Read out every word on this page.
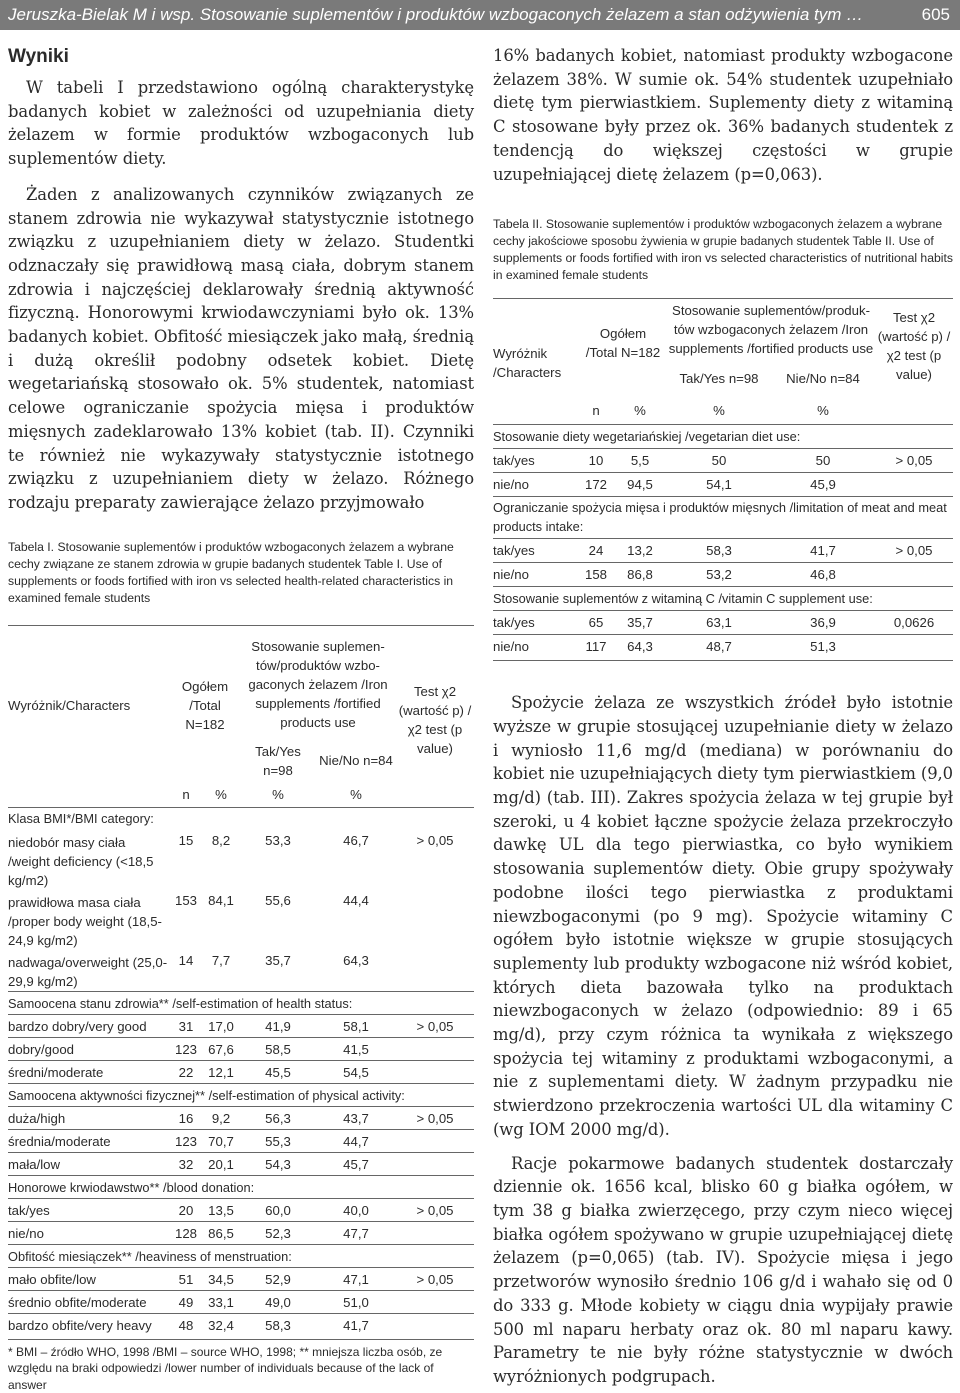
Jeruszka-Bielak M i wsp. Stosowanie suplementów i produktów wzbogaconych żelazem a stan odżywienia tym …	605
Wyniki

W tabeli I przedstawiono ogólną charakterystykę badanych kobiet w zależności od uzupełniania diety żelazem w formie produktów wzbogaconych lub suplementów diety.

Żaden z analizowanych czynników związanych ze stanem zdrowia nie wykazywał statystycznie istotnego związku z uzupełnianiem diety w żelazo. Studentki odznaczały się prawidłową masą ciała, dobrym stanem zdrowia i najczęściej deklarowały średnią aktywność fizyczną. Honorowymi krwiodawczyniami było ok. 13% badanych kobiet. Obfitość miesiączek jako małą, średnią i dużą określił podobny odsetek kobiet. Dietę wegetariańską stosowało ok. 5% studentek, natomiast celowe ograniczanie spożycia mięsa i produktów mięsnych zadeklarowało 13% kobiet (tab. II). Czynniki te również nie wykazywały statystycznie istotnego związku z uzupełnianiem diety w żelazo. Różnego rodzaju preparaty zawierające żelazo przyjmowało

Tabela I. Stosowanie suplementów i produktów wzbogaconych żelazem a wybrane cechy związane ze stanem zdrowia w grupie badanych studentek Table I. Use of supplements or foods fortified with iron vs selected health-related characteristics in examined female students

Wyróżnik/Characters	Ogółem /Total N=182		Stosowanie suplementów/produktów wzbogaconych żelazem /Iron supplements /fortified products use		Test χ2 (wartość p) /χ2 test (p value)
			Tak/Yes n=98	Nie/No n=84	
	n	%	%	%	
Klasa BMI*/BMI category:					
niedobór masy ciała /weight deficiency (<18,5 kg/m2)	15	8,2	53,3	46,7	> 0,05
prawidłowa masa ciała /proper body weight (18,5-24,9 kg/m2)	153	84,1	55,6	44,4	
nadwaga/overweight (25,0-29,9 kg/m2)	14	7,7	35,7	64,3	
Samoocena stanu zdrowia** /self-estimation of health status:					
bardzo dobry/very good	31	17,0	41,9	58,1	> 0,05
dobry/good	123	67,6	58,5	41,5	
średni/moderate	22	12,1	45,5	54,5	
Samoocena aktywności fizycznej** /self-estimation of physical activity:					
duża/high	16	9,2	56,3	43,7	> 0,05
średnia/moderate	123	70,7	55,3	44,7	
mała/low	32	20,1	54,3	45,7	
Honorowe krwiodawstwo** /blood donation:					
tak/yes	20	13,5	60,0	40,0	> 0,05
nie/no	128	86,5	52,3	47,7	
Obfitość miesiączek** /heaviness of menstruation:					
mało obfite/low	51	34,5	52,9	47,1	> 0,05
średnio obfite/moderate	49	33,1	49,0	51,0	
bardzo obfite/very heavy	48	32,4	58,3	41,7	

* BMI – źródło WHO, 1998 /BMI – source WHO, 1998; ** mniejsza liczba osób, ze względu na braki odpowiedzi /lower number of individuals because of the lack of answer

16% badanych kobiet, natomiast produkty wzbogacone żelazem 38%. W sumie ok. 54% studentek uzupełniało dietę tym pierwiastkiem. Suplementy diety z witaminą C stosowane były przez ok. 36% badanych studentek z tendencją do większej częstości w grupie uzupełniającej dietę żelazem (p=0,063).

Tabela II. Stosowanie suplementów i produktów wzbogaconych żelazem a wybrane cechy jakościowe sposobu żywienia w grupie badanych studentek Table II. Use of supplements or foods fortified with iron vs selected characteristics of nutritional habits in examined female students

Wyróżnik /Characters	Ogółem /Total N=182		Stosowanie suplementów/produktów wzbogaconych żelazem /Iron supplements /fortified products use		Test χ2 (wartość p) /χ2 test (p value)
			Tak/Yes n=98	Nie/No n=84	
	n	%	%	%	
Stosowanie diety wegetariańskiej /vegetarian diet use:					
tak/yes	10	5,5	50	50	> 0,05
nie/no	172	94,5	54,1	45,9	
Ograniczanie spożycia mięsa i produktów mięsnych /limitation of meat and meat products intake:					
tak/yes	24	13,2	58,3	41,7	> 0,05
nie/no	158	86,8	53,2	46,8	
Stosowanie suplementów z witaminą C /vitamin C supplement use:					
tak/yes	65	35,7	63,1	36,9	0,0626
nie/no	117	64,3	48,7	51,3	

Spożycie żelaza ze wszystkich źródeł było istotnie wyższe w grupie stosującej uzupełnianie diety w żelazo i wyniosło 11,6 mg/d (mediana) w porównaniu do kobiet nie uzupełniających diety tym pierwiastkiem (9,0 mg/d) (tab. III). Zakres spożycia żelaza w tej grupie był szeroki, u 4 kobiet łączne spożycie żelaza przekroczyło dawkę UL dla tego pierwiastka, co było wynikiem stosowania suplementów diety. Obie grupy spożywały podobne ilości tego pierwiastka z produktami niewzbogaconymi (po 9 mg). Spożycie witaminy C ogółem było istotnie większe w grupie stosujących suplementy lub produkty wzbogacone niż wśród kobiet, których dieta bazowała tylko na produktach niewzbogaconych w żelazo (odpowiednio: 89 i 65 mg/d), przy czym różnica ta wynikała z większego spożycia tej witaminy z produktami wzbogaconymi, a nie z suplementami diety. W żadnym przypadku nie stwierdzono przekroczenia wartości UL dla witaminy C (wg IOM 2000 mg/d).

Racje pokarmowe badanych studentek dostarczały dziennie ok. 1656 kcal, blisko 60 g białka ogółem, w tym 38 g białka zwierzęcego, przy czym nieco więcej białka ogółem spożywano w grupie uzupełniającej dietę żelazem (p=0,065) (tab. IV). Spożycie mięsa i jego przetworów wynosiło średnio 106 g/d i wahało się od 0 do 333 g. Młode kobiety w ciągu dnia wypijały prawie 500 ml naparu herbaty oraz ok. 80 ml naparu kawy. Parametry te nie były różne statystycznie w dwóch wyróżnionych podgrupach.
